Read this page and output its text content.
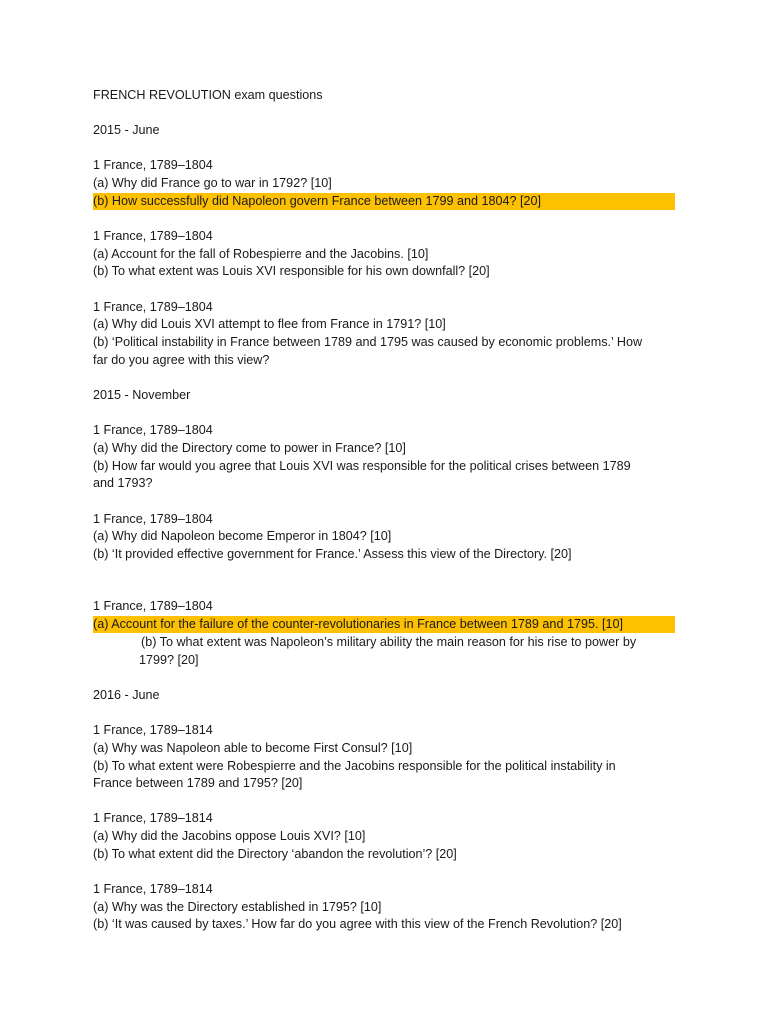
FRENCH REVOLUTION exam questions
2015 - June
1 France, 1789–1804
(a) Why did France go to war in 1792? [10]
(b) How successfully did Napoleon govern France between 1799 and 1804? [20]
1 France, 1789–1804
(a) Account for the fall of Robespierre and the Jacobins. [10]
(b) To what extent was Louis XVI responsible for his own downfall? [20]
1 France, 1789–1804
(a) Why did Louis XVI attempt to flee from France in 1791? [10]
(b) ‘Political instability in France between 1789 and 1795 was caused by economic problems.’ How
far do you agree with this view?
2015 - November
1 France, 1789–1804
(a) Why did the Directory come to power in France? [10]
(b) How far would you agree that Louis XVI was responsible for the political crises between 1789
and 1793?
1 France, 1789–1804
(a) Why did Napoleon become Emperor in 1804? [10]
(b) ‘It provided effective government for France.’ Assess this view of the Directory. [20]
1 France, 1789–1804
(a) Account for the failure of the counter-revolutionaries in France between 1789 and 1795. [10]
(b) To what extent was Napoleon’s military ability the main reason for his rise to power by
1799? [20]
2016 - June
1 France, 1789–1814
(a) Why was Napoleon able to become First Consul? [10]
(b) To what extent were Robespierre and the Jacobins responsible for the political instability in
France between 1789 and 1795? [20]
1 France, 1789–1814
(a) Why did the Jacobins oppose Louis XVI? [10]
(b) To what extent did the Directory ‘abandon the revolution’? [20]
1 France, 1789–1814
(a) Why was the Directory established in 1795? [10]
(b) ‘It was caused by taxes.’ How far do you agree with this view of the French Revolution? [20]
